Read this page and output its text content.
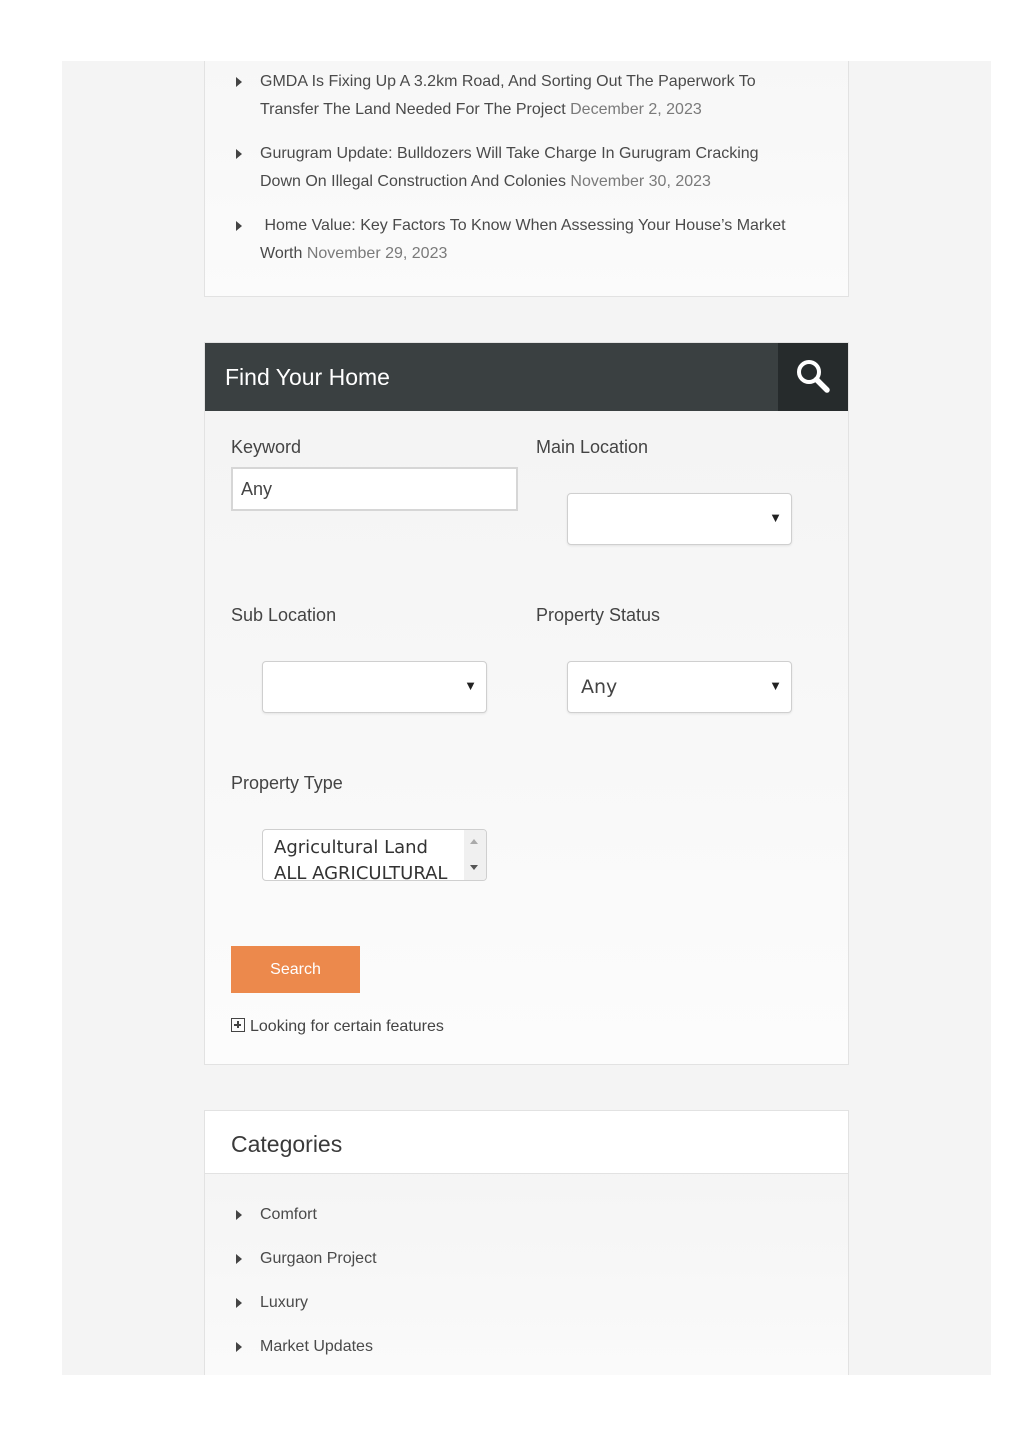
GMDA Is Fixing Up A 3.2km Road, And Sorting Out The Paperwork To
Transfer The Land Needed For The Project December 2, 2023
Gurugram Update: Bulldozers Will Take Charge In Gurugram Cracking
Down On Illegal Construction And Colonies November 30, 2023
Home Value: Key Factors To Know When Assessing Your House’s Market
Worth November 29, 2023
Find Your Home
Keyword
Any	Main Location
▼
Sub Location
▼
Property Status
Any	▼
Property Type
Agricultural Land
ALL AGRICULTURAL
Search
Looking for certain features
Categories
Comfort
Gurgaon Project
Luxury
Market Updates
